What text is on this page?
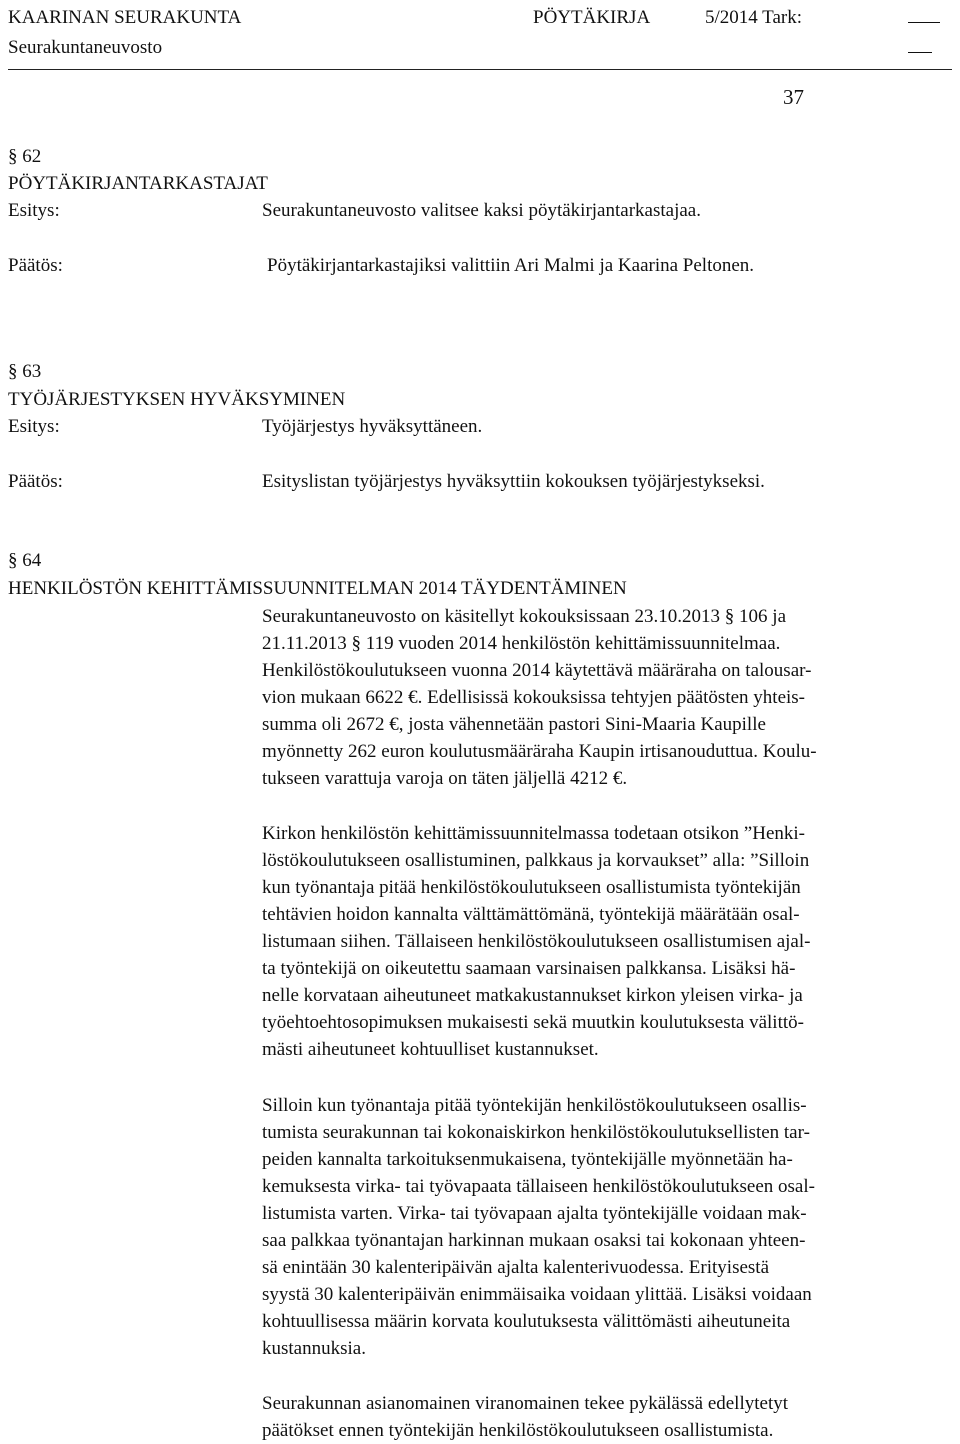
KAARINAN SEURAKUNTA	PÖYTÄKIRJA	5/2014 Tark:
Seurakuntaneuvosto
37
§ 62
PÖYTÄKIRJANTARKASTAJAT
Esitys:	Seurakuntaneuvosto valitsee kaksi pöytäkirjantarkastajaa.
Päätös:	Pöytäkirjantarkastajiksi valittiin Ari Malmi ja Kaarina Peltonen.
§ 63
TYÖJÄRJESTYKSEN HYVÄKSYMINEN
Esitys:	Työjärjestys hyväksyttäneen.
Päätös:	Esityslistan työjärjestys hyväksyttiin kokouksen työjärjestykseksi.
§ 64
HENKILÖSTÖN KEHITTÄMISSUUNNITELMAN 2014 TÄYDENTÄMINEN
Seurakuntaneuvosto on käsitellyt kokouksissaan 23.10.2013 § 106 ja
21.11.2013 § 119 vuoden 2014 henkilöstön kehittämissuunnitelmaa.
Henkilöstökoulutukseen vuonna 2014 käytettävä määräraha on talousar-
vion mukaan 6622 €. Edellisissä kokouksissa tehtyjen päätösten yhteis-
summa oli 2672 €, josta vähennetään pastori Sini-Maaria Kaupille
myönnetty 262 euron koulutusmääräraha Kaupin irtisanouduttua. Koulu-
tukseen varattuja varoja on täten jäljellä 4212 €.
Kirkon henkilöstön kehittämissuunnitelmassa todetaan otsikon ”Henki-
löstökoulutukseen osallistuminen, palkkaus ja korvaukset” alla: ”Silloin
kun työnantaja pitää henkilöstökoulutukseen osallistumista työntekijän
tehtävien hoidon kannalta välttämättömänä, työntekijä määrätään osal-
listumaan siihen. Tällaiseen henkilöstökoulutukseen osallistumisen ajal-
ta työntekijä on oikeutettu saamaan varsinaisen palkkansa. Lisäksi hä-
nelle korvataan aiheutuneet matkakustannukset kirkon yleisen virka- ja
työehtoehtosopimuksen mukaisesti sekä muutkin koulutuksesta välittö-
mästi aiheutuneet kohtuulliset kustannukset.
Silloin kun työnantaja pitää työntekijän henkilöstökoulutukseen osallis-
tumista seurakunnan tai kokonaiskirkon henkilöstökoulutuksellisten tar-
peiden kannalta tarkoituksenmukaisena, työntekijälle myönnetään ha-
kemuksesta virka- tai työvapaata tällaiseen henkilöstökoulutukseen osal-
listumista varten. Virka- tai työvapaan ajalta työntekijälle voidaan mak-
saa palkkaa työnantajan harkinnan mukaan osaksi tai kokonaan yhteen-
sä enintään 30 kalenteripäivän ajalta kalenterivuodessa. Erityisestä
syystä 30 kalenteripäivän enimmäisaika voidaan ylittää. Lisäksi voidaan
kohtuullisessa määrin korvata koulutuksesta välittömästi aiheutuneita
kustannuksia.
Seurakunnan asianomainen viranomainen tekee pykälässä edellytetyt
päätökset ennen työntekijän henkilöstökoulutukseen osallistumista.
